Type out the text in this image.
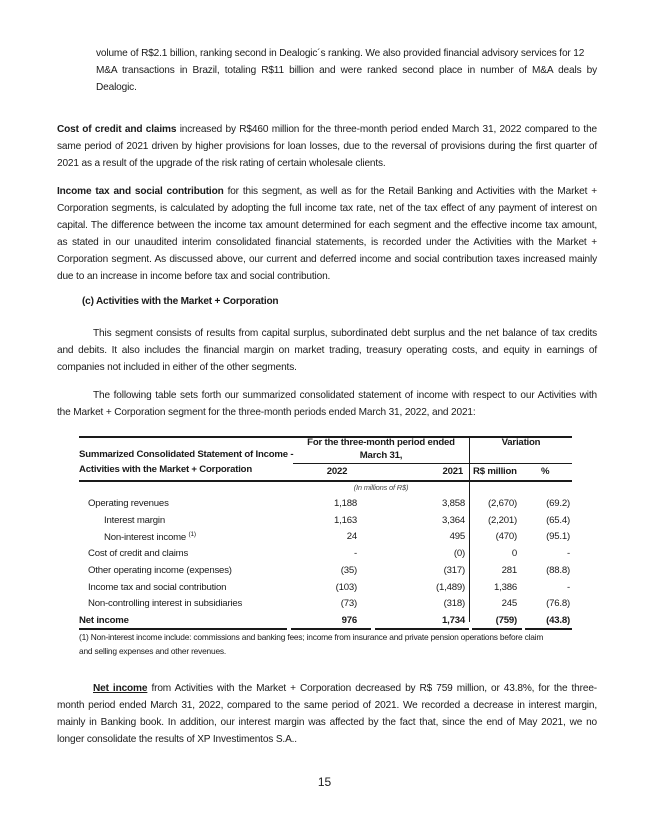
volume of R$2.1 billion, ranking second in Dealogic´s ranking. We also provided financial advisory services for 12
M&A transactions in Brazil, totaling R$11 billion and were ranked second place in number of M&A deals by Dealogic.
Cost of credit and claims increased by R$460 million for the three-month period ended March 31, 2022 compared to the same period of 2021 driven by higher provisions for loan losses, due to the reversal of provisions during the first quarter of 2021 as a result of the upgrade of the risk rating of certain wholesale clients.
Income tax and social contribution for this segment, as well as for the Retail Banking and Activities with the Market + Corporation segments, is calculated by adopting the full income tax rate, net of the tax effect of any payment of interest on capital. The difference between the income tax amount determined for each segment and the effective income tax amount, as stated in our unaudited interim consolidated financial statements, is recorded under the Activities with the Market + Corporation segment. As discussed above, our current and deferred income and social contribution taxes increased mainly due to an increase in income before tax and social contribution.
(c) Activities with the Market + Corporation
This segment consists of results from capital surplus, subordinated debt surplus and the net balance of tax credits and debits. It also includes the financial margin on market trading, treasury operating costs, and equity in earnings of companies not included in either of the other segments.
The following table sets forth our summarized consolidated statement of income with respect to our Activities with the Market + Corporation segment for the three-month periods ended March 31, 2022, and 2021:
Summarized Consolidated Statement of Income -
Activities with the Market + Corporation
For the three-month period ended
March 31,
Variation
2022	2021 R$ million	%
(In millions of R$)
Operating revenues	1,188	3,858	(2,670)	(69.2)
Interest margin	1,163	3,364	(2,201)	(65.4)
Non-interest income $^{(1)}$	24	495	(470)	(95.1)
Cost of credit and claims	-	(0)	0	-
Other operating income (expenses)	(35)	(317)	281	(88.8)
Income tax and social contribution	(103)	(1,489)	1,386	-
Non-controlling interest in subsidiaries	(73)	(318)	245	(76.8)
Net income	976	1,734	(759)	(43.8)
(1) Non-interest income include: commissions and banking fees; income from insurance and private pension operations before claim
and selling expenses and other revenues.
Net income from Activities with the Market + Corporation decreased by R$ 759 million, or 43.8%, for the three-month period ended March 31, 2022, compared to the same period of 2021. We recorded a decrease in interest margin, mainly in Banking book. In addition, our interest margin was affected by the fact that, since the end of May 2021, we no longer consolidate the results of XP Investimentos S.A..
15
